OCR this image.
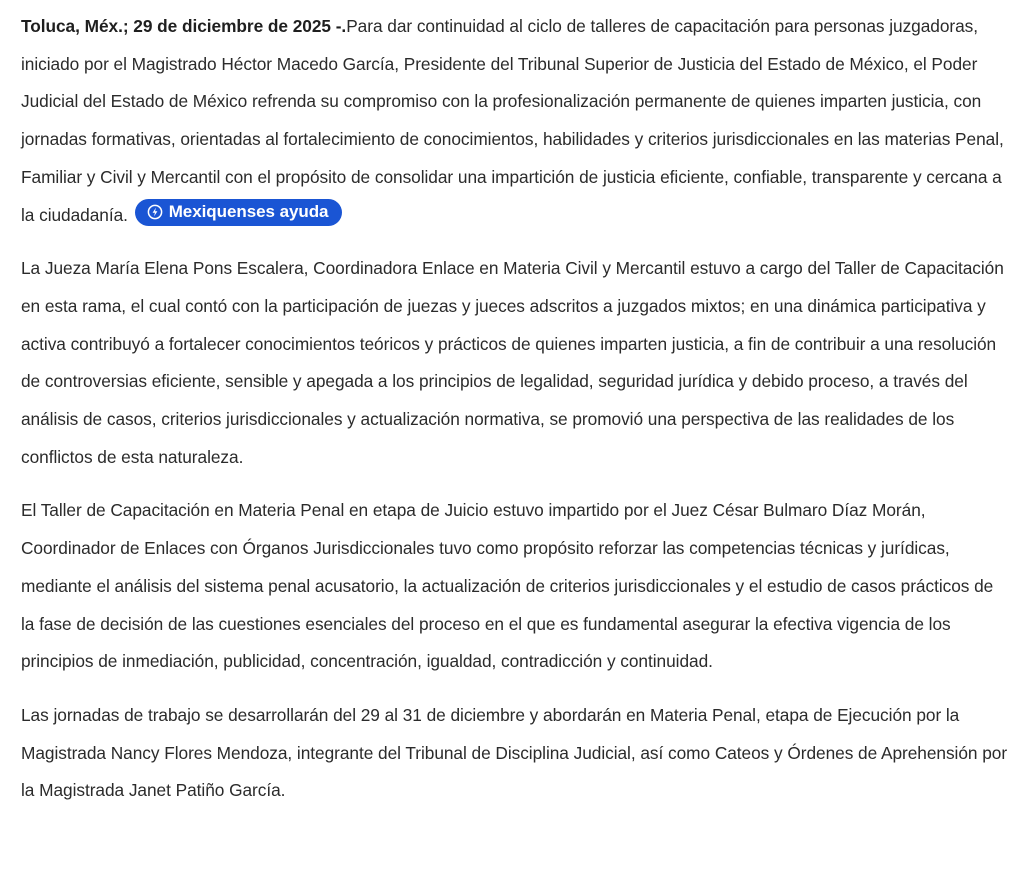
Toluca, Méx.; 29 de diciembre de 2025 -.Para dar continuidad al ciclo de talleres de capacitación para personas juzgadoras, iniciado por el Magistrado Héctor Macedo García, Presidente del Tribunal Superior de Justicia del Estado de México, el Poder Judicial del Estado de México refrenda su compromiso con la profesionalización permanente de quienes imparten justicia, con jornadas formativas, orientadas al fortalecimiento de conocimientos, habilidades y criterios jurisdiccionales en las materias Penal, Familiar y Civil y Mercantil con el propósito de consolidar una impartición de justicia eficiente, confiable, transparente y cercana a la ciudadanía. Mexiquenses ayuda

La Jueza María Elena Pons Escalera, Coordinadora Enlace en Materia Civil y Mercantil estuvo a cargo del Taller de Capacitación en esta rama, el cual contó con la participación de juezas y jueces adscritos a juzgados mixtos; en una dinámica participativa y activa contribuyó a fortalecer conocimientos teóricos y prácticos de quienes imparten justicia, a fin de contribuir a una resolución de controversias eficiente, sensible y apegada a los principios de legalidad, seguridad jurídica y debido proceso, a través del análisis de casos, criterios jurisdiccionales y actualización normativa, se promovió una perspectiva de las realidades de los conflictos de esta naturaleza.

El Taller de Capacitación en Materia Penal en etapa de Juicio estuvo impartido por el Juez César Bulmaro Díaz Morán, Coordinador de Enlaces con Órganos Jurisdiccionales tuvo como propósito reforzar las competencias técnicas y jurídicas, mediante el análisis del sistema penal acusatorio, la actualización de criterios jurisdiccionales y el estudio de casos prácticos de la fase de decisión de las cuestiones esenciales del proceso en el que es fundamental asegurar la efectiva vigencia de los principios de inmediación, publicidad, concentración, igualdad, contradicción y continuidad.

Las jornadas de trabajo se desarrollarán del 29 al 31 de diciembre y abordarán en Materia Penal, etapa de Ejecución por la Magistrada Nancy Flores Mendoza, integrante del Tribunal de Disciplina Judicial, así como Cateos y Órdenes de Aprehensión por la Magistrada Janet Patiño García.
